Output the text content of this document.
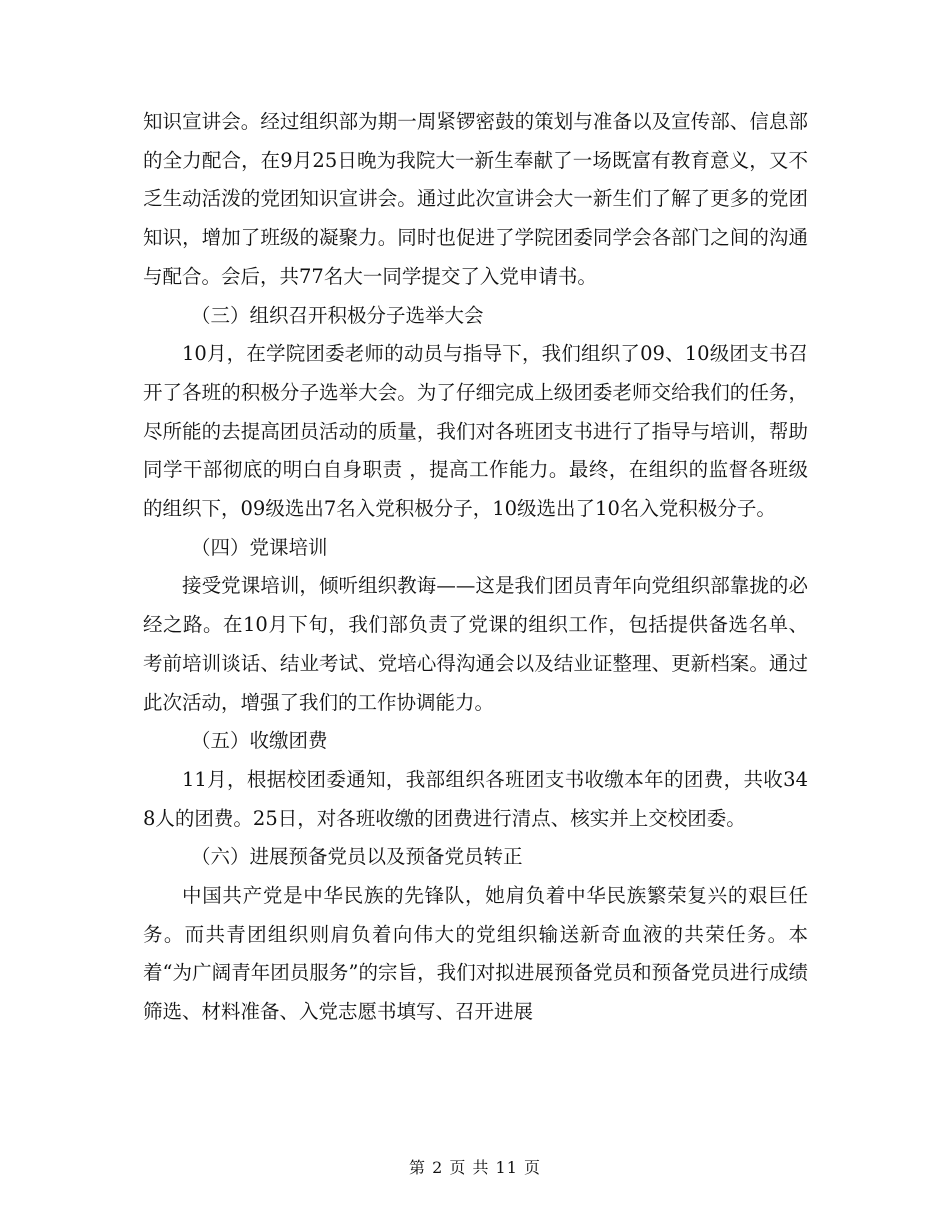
知识宣讲会。经过组织部为期一周紧锣密鼓的策划与准备以及宣传部、信息部的全力配合，在9月25日晚为我院大一新生奉献了一场既富有教育意义，又不乏生动活泼的党团知识宣讲会。通过此次宣讲会大一新生们了解了更多的党团知识，增加了班级的凝聚力。同时也促进了学院团委同学会各部门之间的沟通与配合。会后，共77名大一同学提交了入党申请书。

（三）组织召开积极分子选举大会

10月，在学院团委老师的动员与指导下，我们组织了09、10级团支书召开了各班的积极分子选举大会。为了仔细完成上级团委老师交给我们的任务，尽所能的去提高团员活动的质量，我们对各班团支书进行了指导与培训，帮助同学干部彻底的明白自身职责 ，提高工作能力。最终，在组织的监督各班级的组织下，09级选出7名入党积极分子，10级选出了10名入党积极分子。

（四）党课培训

接受党课培训，倾听组织教诲——这是我们团员青年向党组织部靠拢的必经之路。在10月下旬，我们部负责了党课的组织工作，包括提供备选名单、考前培训谈话、结业考试、党培心得沟通会以及结业证整理、更新档案。通过此次活动，增强了我们的工作协调能力。

（五）收缴团费

11月，根据校团委通知，我部组织各班团支书收缴本年的团费，共收348人的团费。25日，对各班收缴的团费进行清点、核实并上交校团委。

（六）进展预备党员以及预备党员转正

中国共产党是中华民族的先锋队，她肩负着中华民族繁荣复兴的艰巨任务。而共青团组织则肩负着向伟大的党组织输送新奇血液的共荣任务。本着“为广阔青年团员服务”的宗旨，我们对拟进展预备党员和预备党员进行成绩筛选、材料准备、入党志愿书填写、召开进展

第 2 页 共 11 页
